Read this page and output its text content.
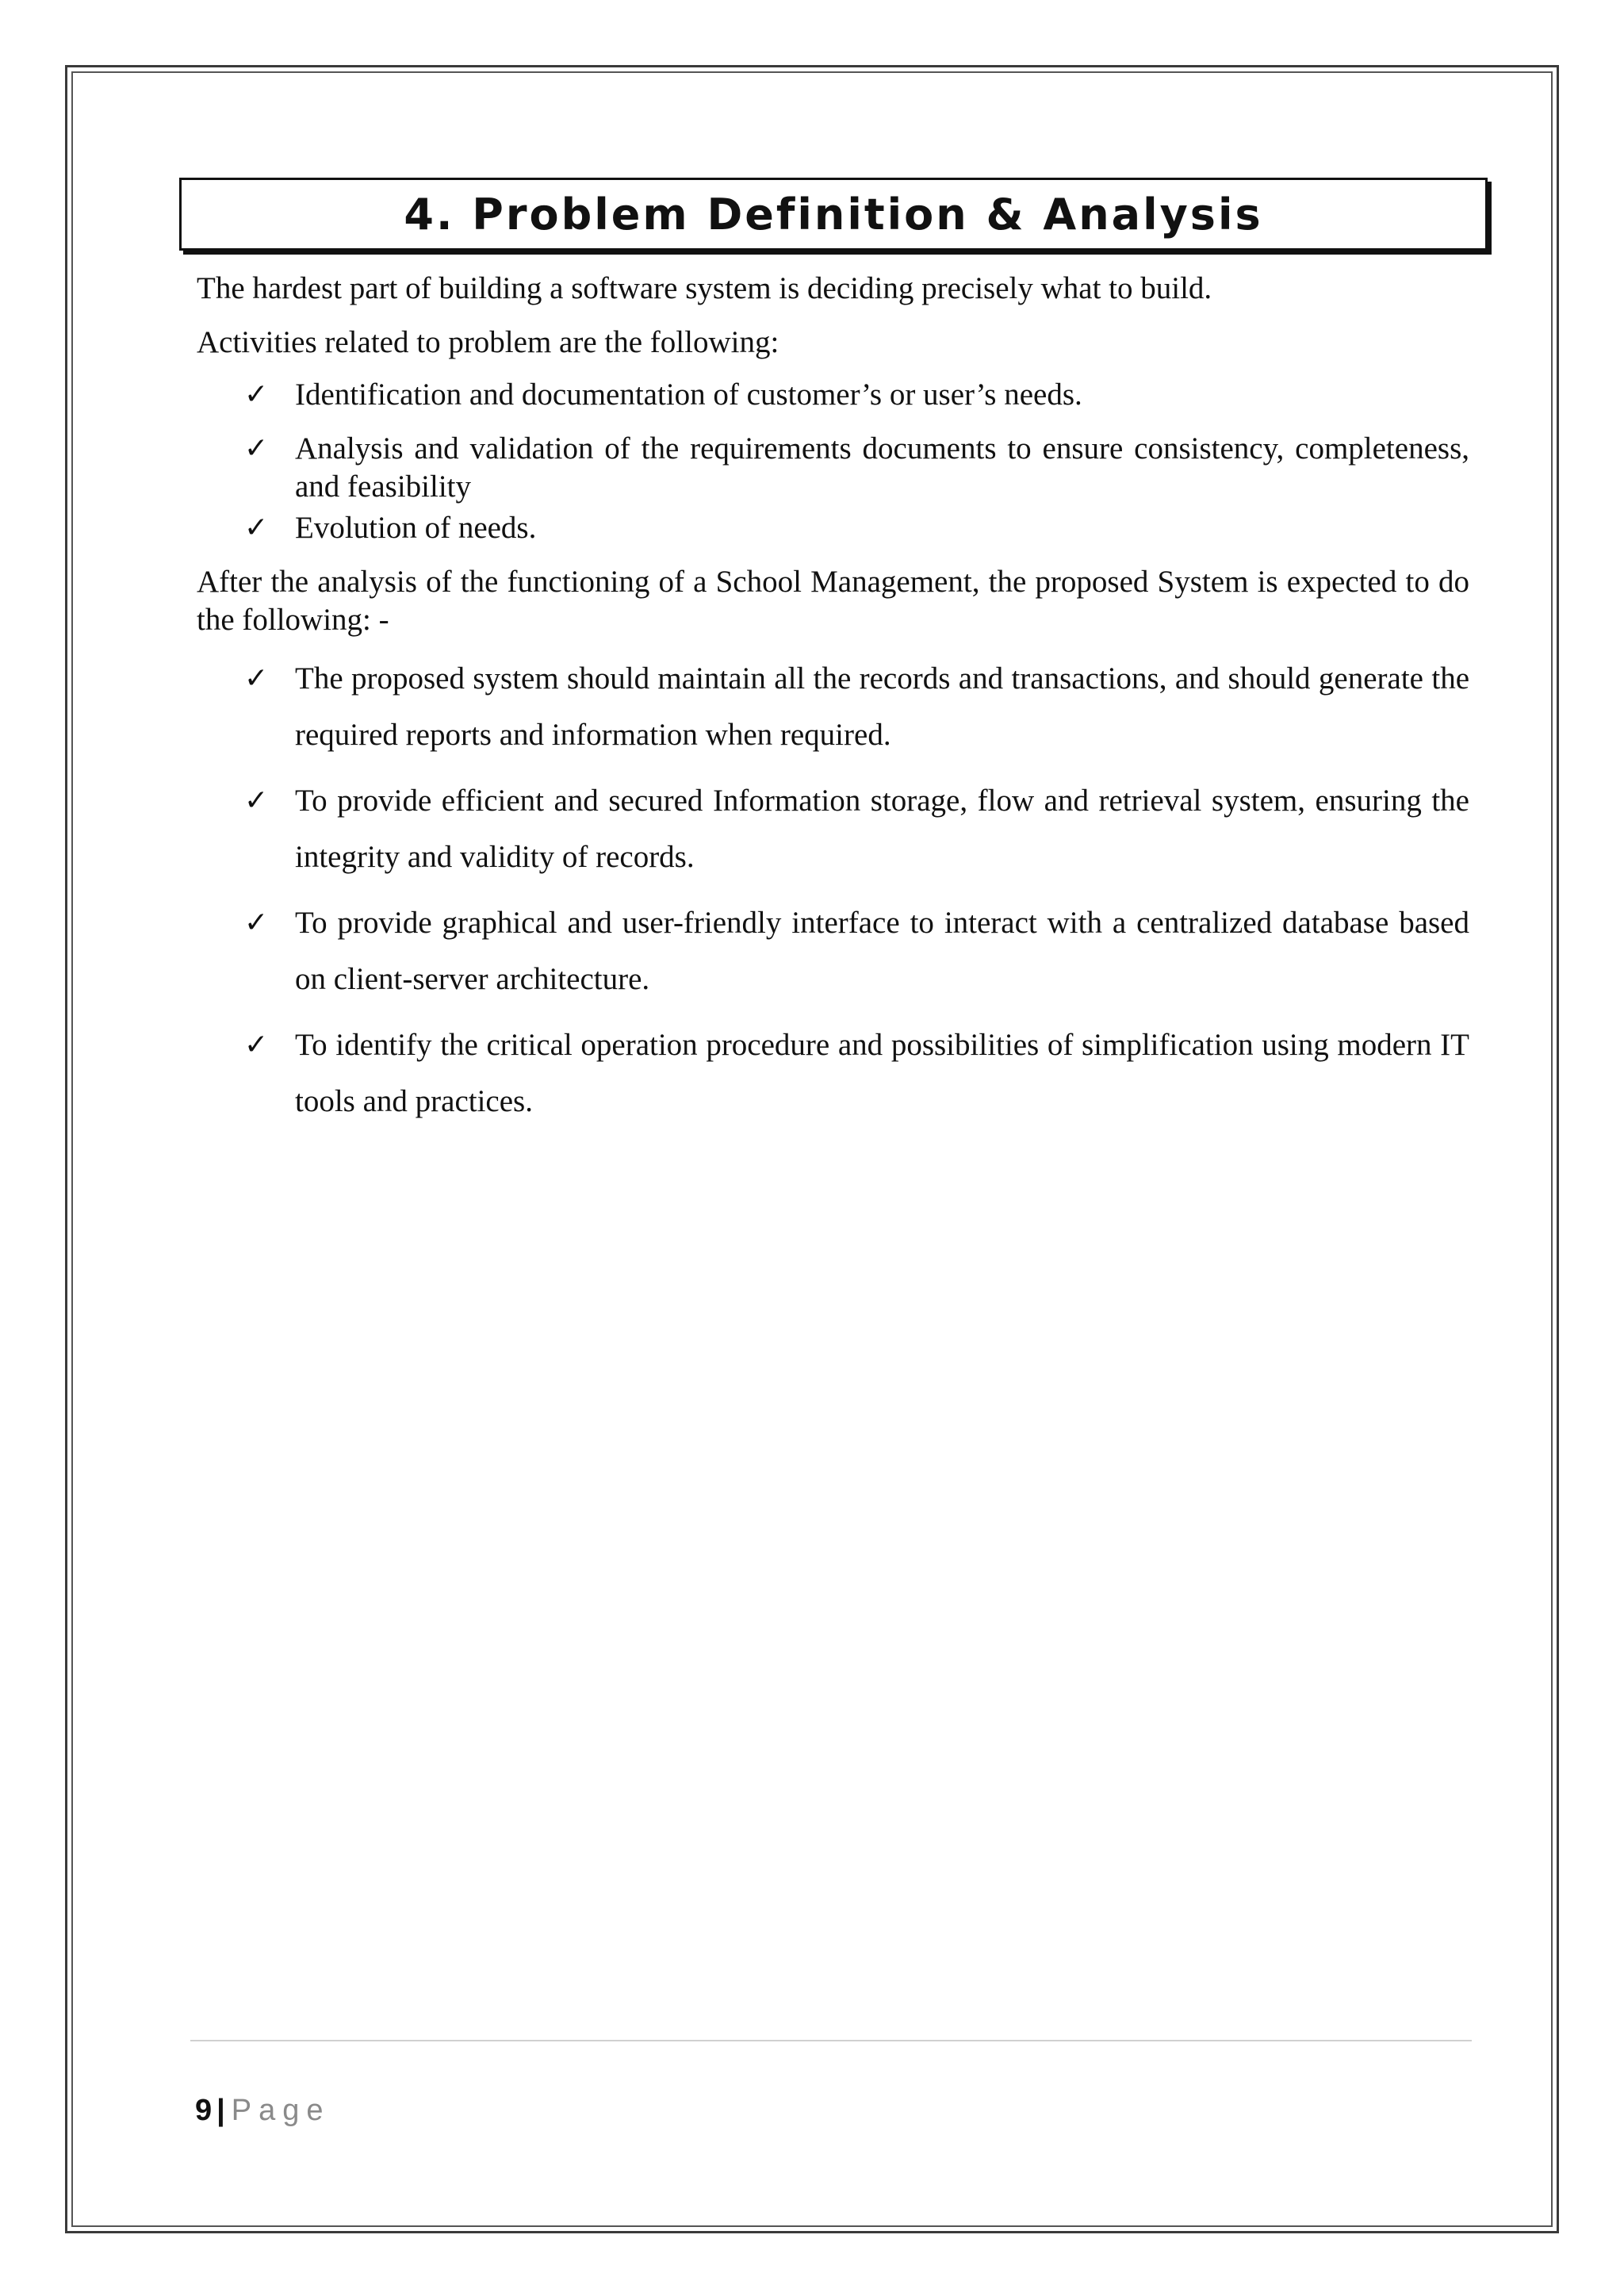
4. Problem Definition & Analysis

The hardest part of building a software system is deciding precisely what to build.

Activities related to problem are the following:

✓ Identification and documentation of customer’s or user’s needs.
✓ Analysis and validation of the requirements documents to ensure consistency, completeness, and feasibility
✓ Evolution of needs.

After the analysis of the functioning of a School Management, the proposed System is expected to do the following: -

✓ The proposed system should maintain all the records and transactions, and should generate the required reports and information when required.
✓ To provide efficient and secured Information storage, flow and retrieval system, ensuring the integrity and validity of records.
✓ To provide graphical and user-friendly interface to interact with a centralized database based on client-server architecture.
✓ To identify the critical operation procedure and possibilities of simplification using modern IT tools and practices.
9 | Page
